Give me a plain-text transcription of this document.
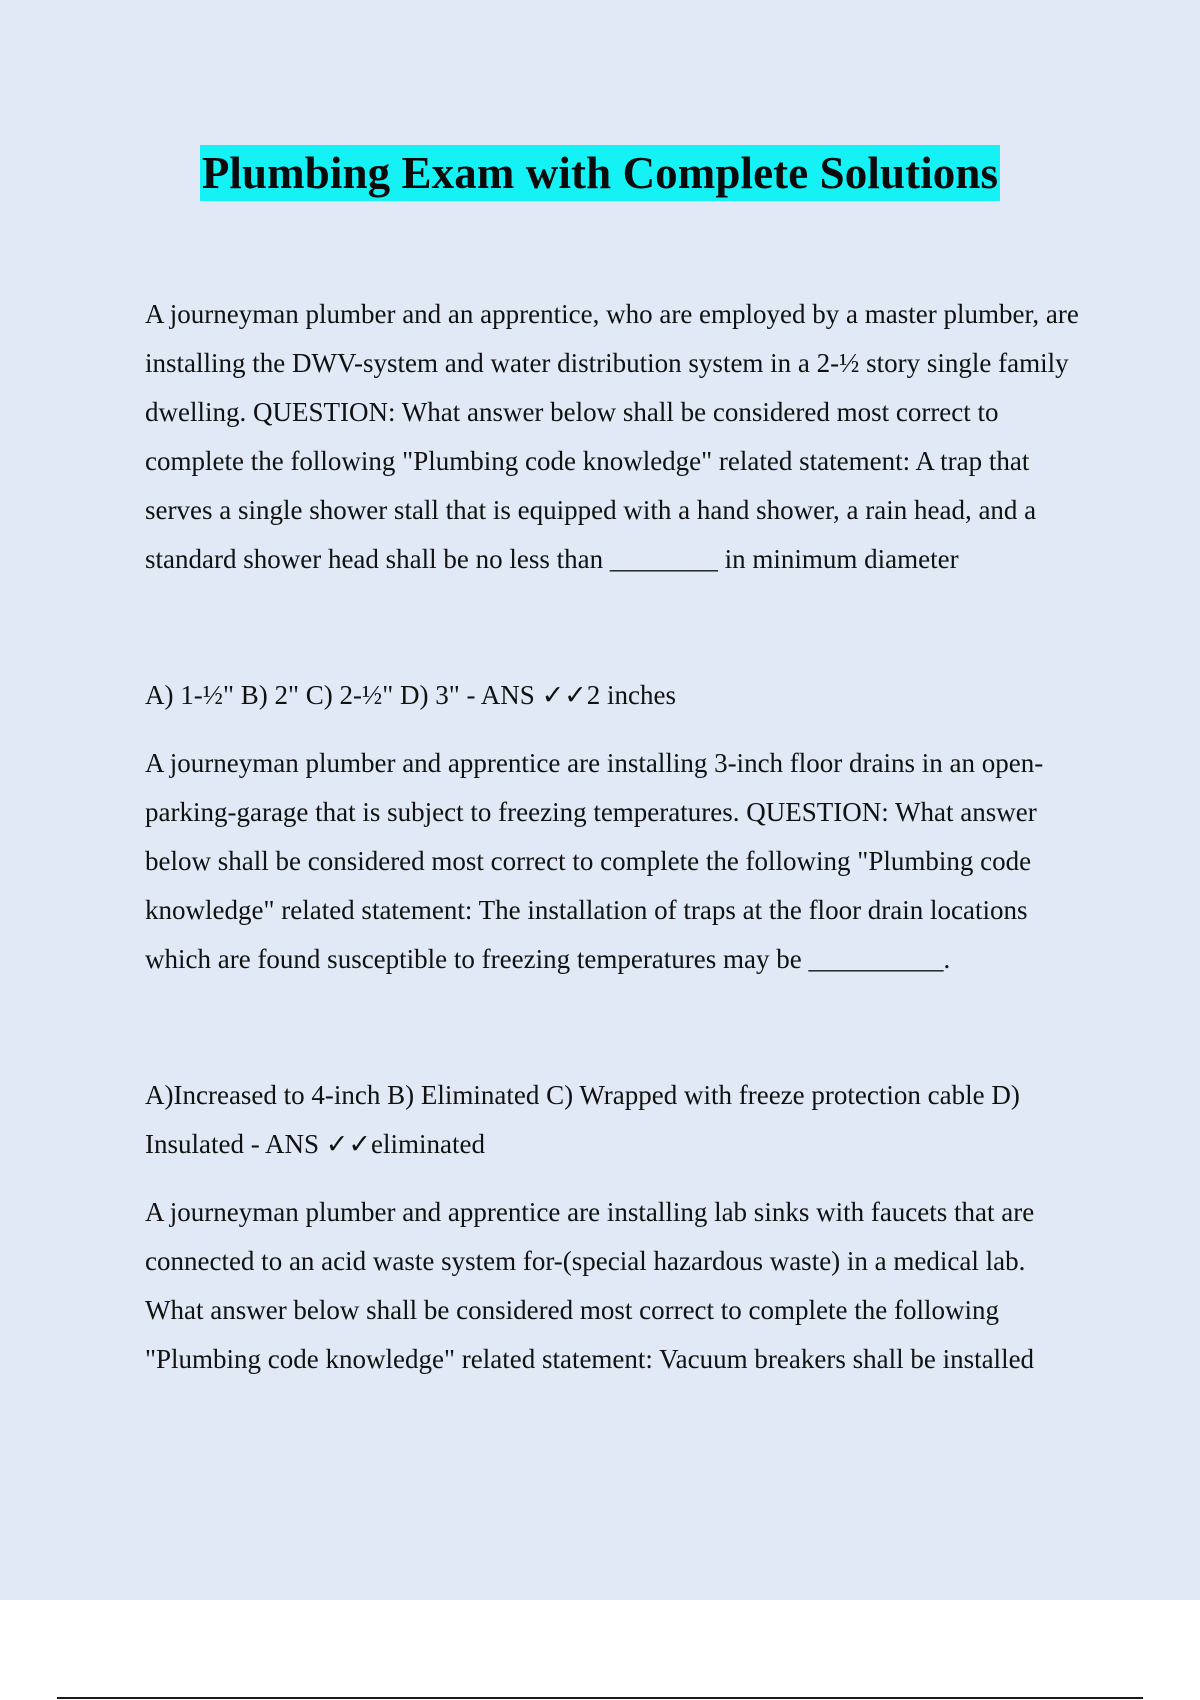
Plumbing Exam with Complete Solutions

A journeyman plumber and an apprentice, who are employed by a master plumber, are installing the DWV-system and water distribution system in a 2-½ story single family dwelling. QUESTION: What answer below shall be considered most correct to complete the following "Plumbing code knowledge" related statement: A trap that serves a single shower stall that is equipped with a hand shower, a rain head, and a standard shower head shall be no less than ________ in minimum diameter

A) 1-½" B) 2" C) 2-½" D) 3" - ANS ✓✓2 inches

A journeyman plumber and apprentice are installing 3-inch floor drains in an open-parking-garage that is subject to freezing temperatures. QUESTION: What answer below shall be considered most correct to complete the following "Plumbing code knowledge" related statement: The installation of traps at the floor drain locations which are found susceptible to freezing temperatures may be __________.

A)Increased to 4-inch B) Eliminated C) Wrapped with freeze protection cable D) Insulated - ANS ✓✓eliminated

A journeyman plumber and apprentice are installing lab sinks with faucets that are connected to an acid waste system for-(special hazardous waste) in a medical lab. What answer below shall be considered most correct to complete the following "Plumbing code knowledge" related statement: Vacuum breakers shall be installed
